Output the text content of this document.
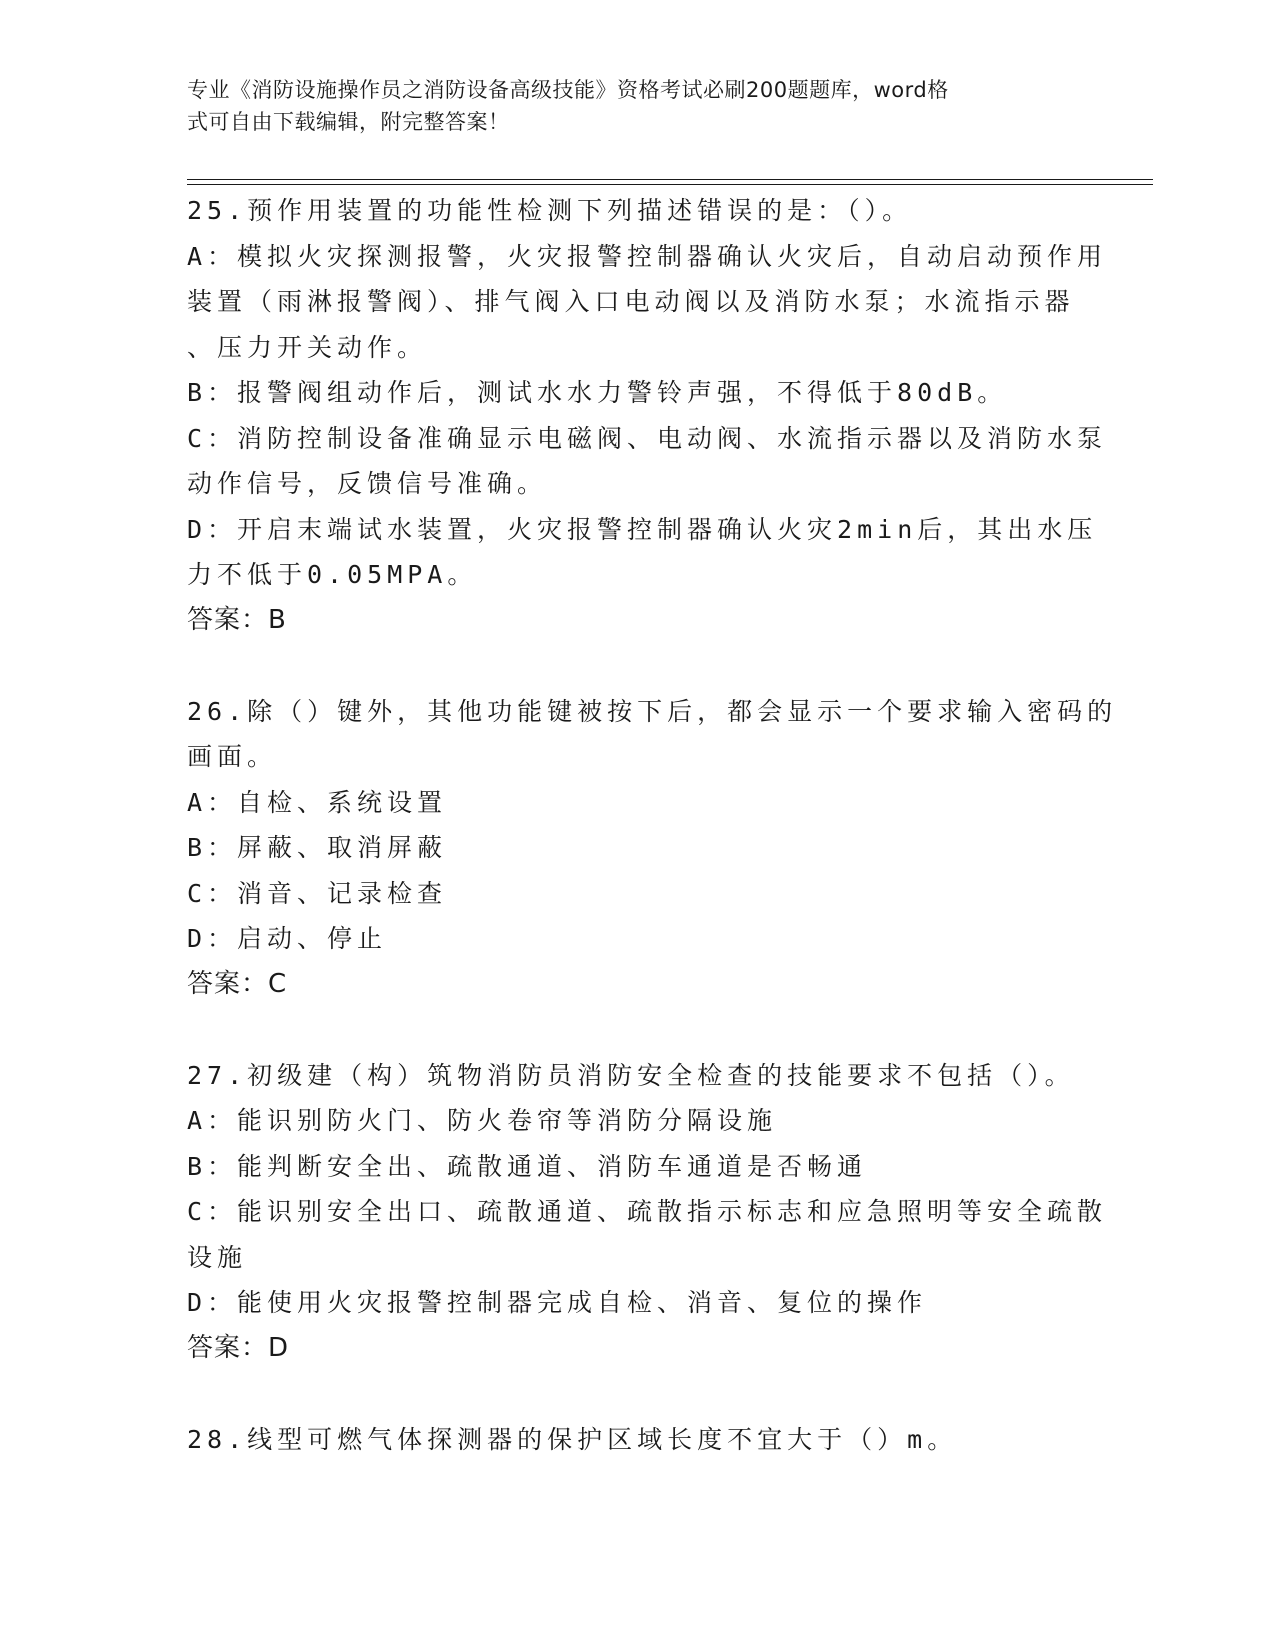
专业《消防设施操作员之消防设备高级技能》资格考试必刷200题题库，word格
式可自由下载编辑，附完整答案！
25.预作用装置的功能性检测下列描述错误的是：（）。
A：模拟火灾探测报警，火灾报警控制器确认火灾后，自动启动预作用
装置（雨淋报警阀）、排气阀入口电动阀以及消防水泵；水流指示器
、压力开关动作。
B：报警阀组动作后，测试水水力警铃声强，不得低于80dB。
C：消防控制设备准确显示电磁阀、电动阀、水流指示器以及消防水泵
动作信号，反馈信号准确。
D：开启末端试水装置，火灾报警控制器确认火灾2min后，其出水压
力不低于0.05MPA。
答案：B
26.除（）键外，其他功能键被按下后，都会显示一个要求输入密码的
画面。
A：自检、系统设置
B：屏蔽、取消屏蔽
C：消音、记录检查
D：启动、停止
答案：C
27.初级建（构）筑物消防员消防安全检查的技能要求不包括（）。
A：能识别防火门、防火卷帘等消防分隔设施
B：能判断安全出、疏散通道、消防车通道是否畅通
C：能识别安全出口、疏散通道、疏散指示标志和应急照明等安全疏散
设施
D：能使用火灾报警控制器完成自检、消音、复位的操作
答案：D
28.线型可燃气体探测器的保护区域长度不宜大于（）m。
